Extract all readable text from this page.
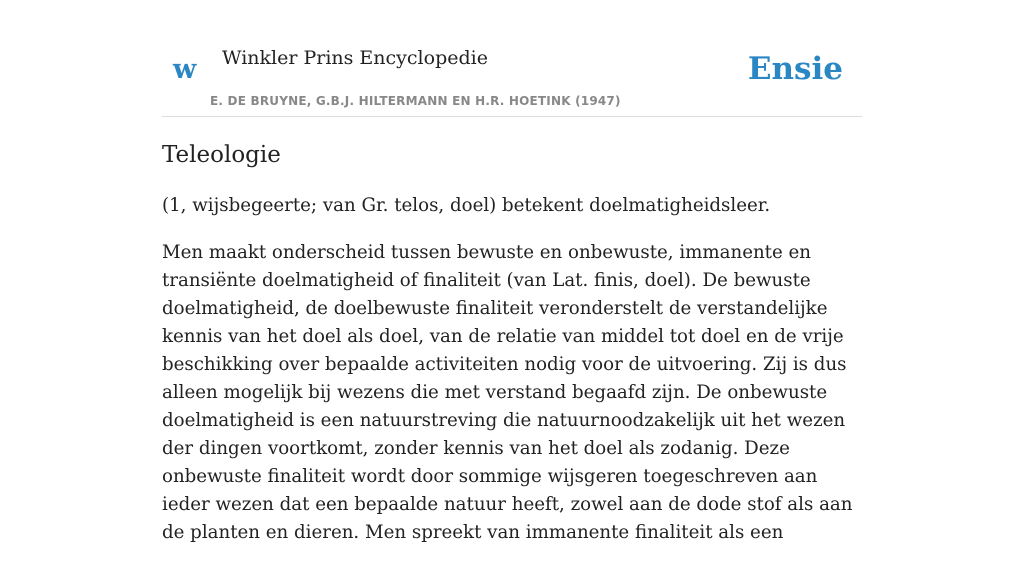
w Winkler Prins Encyclopedie
E. DE BRUYNE, G.B.J. HILTERMANN EN H.R. HOETINK (1947)
Ensie
Teleologie

(1, wijsbegeerte; van Gr. telos, doel) betekent doelmatigheidsleer.

Men maakt onderscheid tussen bewuste en onbewuste, immanente en transiënte doelmatigheid of finaliteit (van Lat. finis, doel). De bewuste doelmatigheid, de doelbewuste finaliteit veronderstelt de verstandelijke kennis van het doel als doel, van de relatie van middel tot doel en de vrije beschikking over bepaalde activiteiten nodig voor de uitvoering. Zij is dus alleen mogelijk bij wezens die met verstand begaafd zijn. De onbewuste doelmatigheid is een natuurstreving die natuurnoodzakelijk uit het wezen der dingen voortkomt, zonder kennis van het doel als zodanig. Deze onbewuste finaliteit wordt door sommige wijsgeren toegeschreven aan ieder wezen dat een bepaalde natuur heeft, zowel aan de dode stof als aan de planten en dieren. Men spreekt van immanente finaliteit als een
